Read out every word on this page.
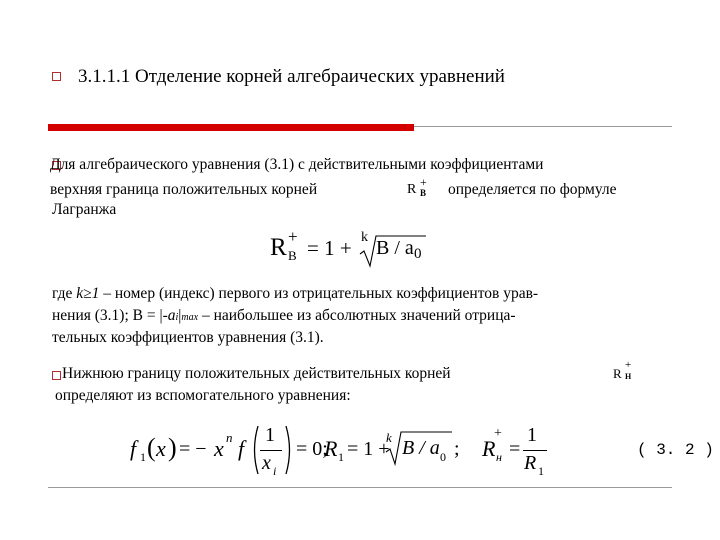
3.1.1.1 Отделение корней алгебраических уравнений
Для алгебраического уравнения (3.1) с действительными коэффициентами
верхняя граница положительных корней	R +
В определяется по формуле
Лагранжа
R +
В = 1 + k B / a 0
где k≥1 – номер (индекс) первого из отрицательных коэффициентов урав-
нения (3.1); B = |-ai|max – наибольшее из абсолютных значений отрица-
тельных коэффициентов уравнения (3.1).
Нижнюю границу положительных действительных корней	R
+
Н
определяют из вспомогательного уравнения:
f 1 ( x ) = − x n f
1
x i
= 0;
R 1 = 1 +
k B / a 0 ; R
+
н =
1
R 1
( 3. 2 )
